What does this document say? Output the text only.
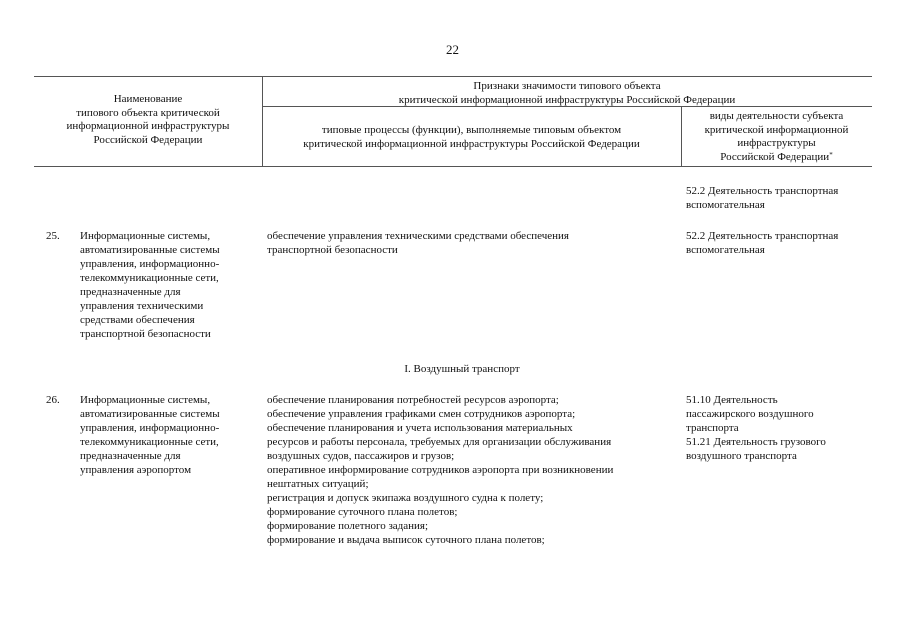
22
Наименование
типового объекта критической
информационной инфраструктуры
Российской Федерации
Признаки значимости типового объекта
критической информационной инфраструктуры Российской Федерации
типовые процессы (функции), выполняемые типовым объектом
критической информационной инфраструктуры Российской Федерации
виды деятельности субъекта
критической информационной
инфраструктуры
Российской Федерации*
52.2 Деятельность транспортная
вспомогательная
25. Информационные системы,
автоматизированные системы
управления, информационно-
телекоммуникационные сети,
предназначенные для
управления техническими
средствами обеспечения
транспортной безопасности
обеспечение управления техническими средствами обеспечения
транспортной безопасности
52.2 Деятельность транспортная
вспомогательная
I. Воздушный транспорт
26. Информационные системы,
автоматизированные системы
управления, информационно-
телекоммуникационные сети,
предназначенные для
управления аэропортом
обеспечение планирования потребностей ресурсов аэропорта;
обеспечение управления графиками смен сотрудников аэропорта;
обеспечение планирования и учета использования материальных
ресурсов и работы персонала, требуемых для организации обслуживания
воздушных судов, пассажиров и грузов;
оперативное информирование сотрудников аэропорта при возникновении
нештатных ситуаций;
регистрация и допуск экипажа воздушного судна к полету;
формирование суточного плана полетов;
формирование полетного задания;
формирование и выдача выписок суточного плана полетов;
51.10 Деятельность
пассажирского воздушного
транспорта
51.21 Деятельность грузового
воздушного транспорта
